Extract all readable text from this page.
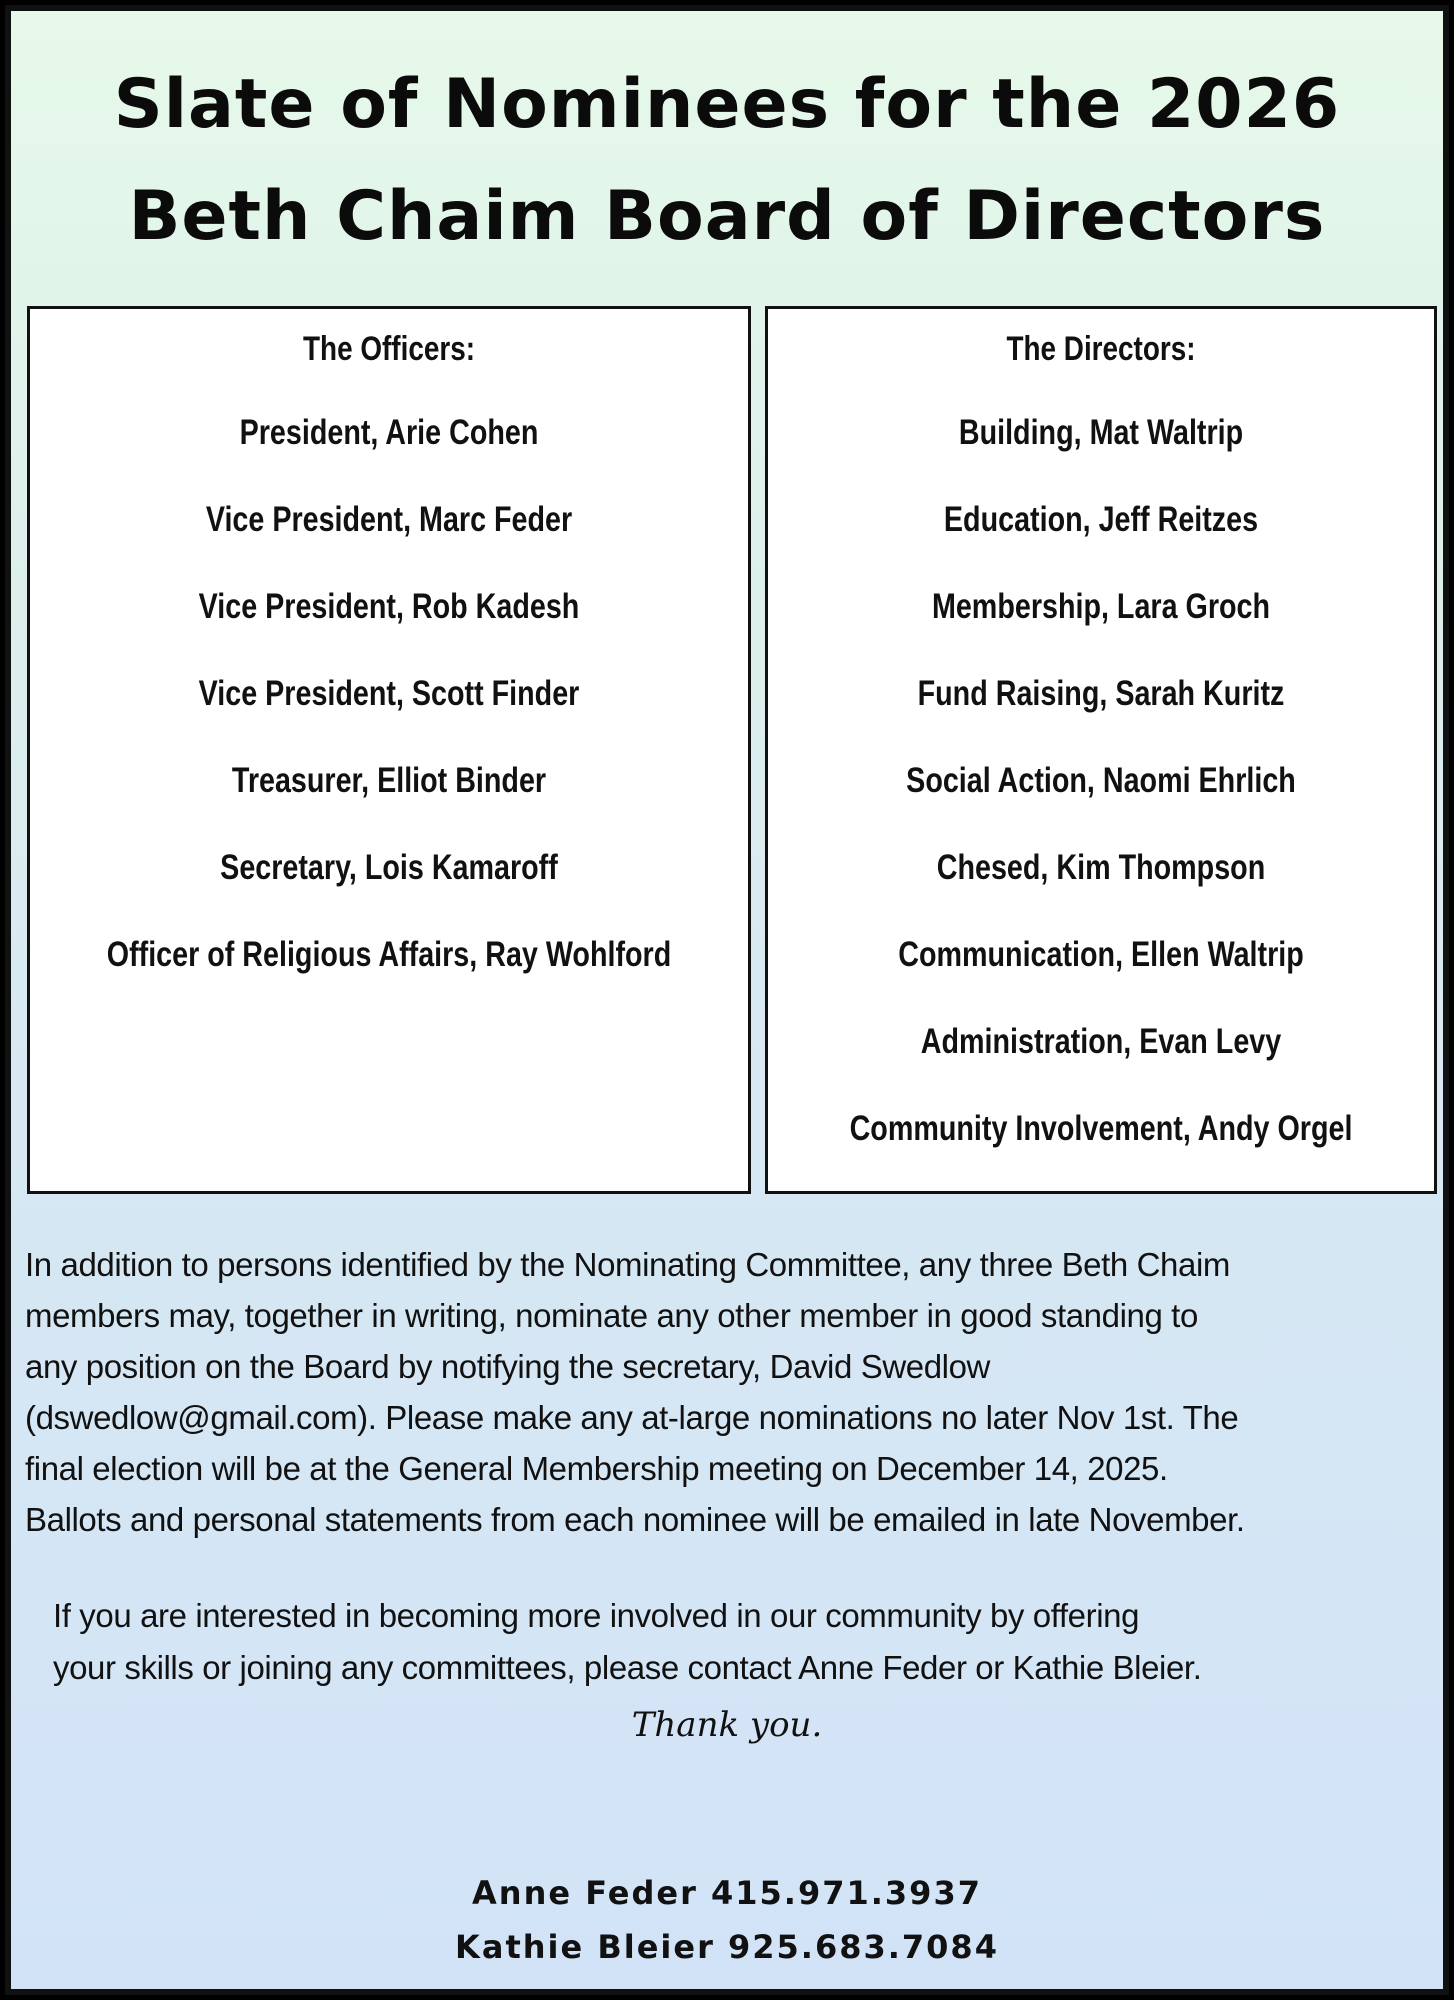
Slate of Nominees for the 2026
Beth Chaim Board of Directors
The Officers:
President, Arie Cohen
Vice President, Marc Feder
Vice President, Rob Kadesh
Vice President, Scott Finder
Treasurer, Elliot Binder
Secretary, Lois Kamaroff
Officer of Religious Affairs, Ray Wohlford
The Directors:
Building, Mat Waltrip
Education, Jeff Reitzes
Membership, Lara Groch
Fund Raising, Sarah Kuritz
Social Action, Naomi Ehrlich
Chesed, Kim Thompson
Communication, Ellen Waltrip
Administration, Evan Levy
Community Involvement, Andy Orgel
In addition to persons identified by the Nominating Committee, any three Beth Chaim
members may, together in writing, nominate any other member in good standing to
any position on the Board by notifying the secretary, David Swedlow
(dswedlow@gmail.com). Please make any at-large nominations no later Nov 1st. The
final election will be at the General Membership meeting on December 14, 2025.
Ballots and personal statements from each nominee will be emailed in late November.
If you are interested in becoming more involved in our community by offering
your skills or joining any committees, please contact Anne Feder or Kathie Bleier.
Thank you.
Anne Feder 415.971.3937
Kathie Bleier 925.683.7084
